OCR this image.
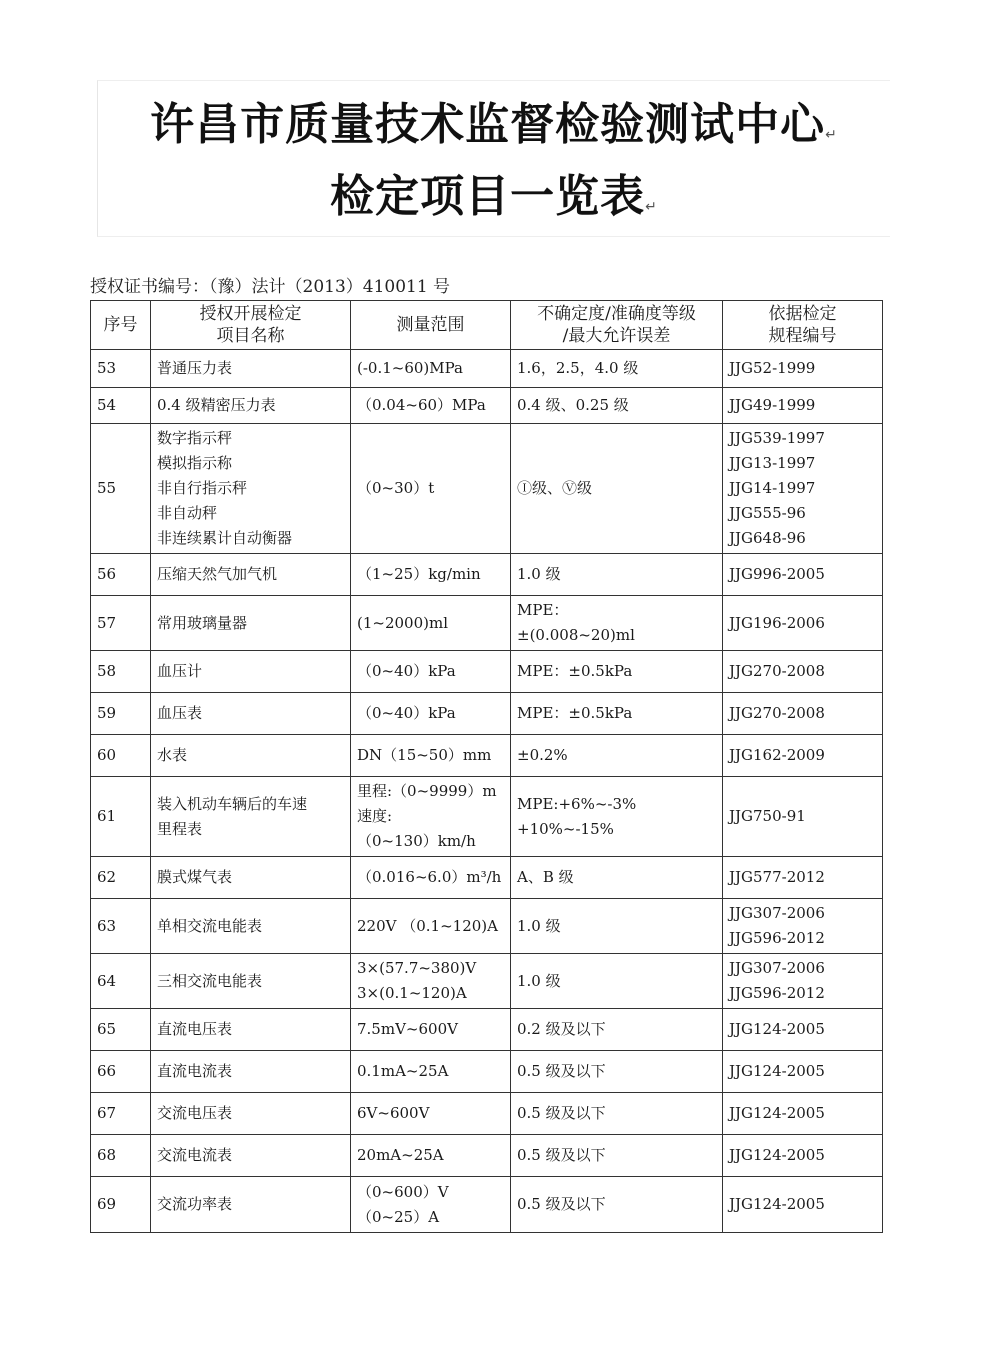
许昌市质量技术监督检验测试中心↵
检定项目一览表↵
授权证书编号：（豫）法计（2013）410011 号
序号	授权开展检定
项目名称	测量范围	不确定度/准确度等级
/最大允许误差	依据检定
规程编号

53	普通压力表	(-0.1~60)MPa	1.6，2.5，4.0 级	JJG52-1999

54	0.4 级精密压力表	（0.04~60）MPa	0.4 级、0.25 级	JJG49-1999

55	数字指示秤
模拟指示称
非自行指示秤
非自动秤
非连续累计自动衡器	（0~30）t	Ⓘ级、Ⓥ级	JJG539-1997
JJG13-1997
JJG14-1997
JJG555-96
JJG648-96

56	压缩天然气加气机	（1~25）kg/min	1.0 级	JJG996-2005

57	常用玻璃量器	(1~2000)ml	MPE：
±(0.008~20)ml	JJG196-2006

58	血压计	（0~40）kPa	MPE：±0.5kPa	JJG270-2008

59	血压表	（0~40）kPa	MPE：±0.5kPa	JJG270-2008

60	水表	DN（15~50）mm	±0.2%	JJG162-2009

61	装入机动车辆后的车速
里程表	里程:（0~9999）m
速度:
（0~130）km/h	MPE:+6%~-3%
+10%~-15%	JJG750-91

62	膜式煤气表	（0.016~6.0）m³/h	A、B 级	JJG577-2012

63	单相交流电能表	220V （0.1~120)A	1.0 级	JJG307-2006
JJG596-2012

64	三相交流电能表	3×(57.7~380)V
3×(0.1~120)A	1.0 级	JJG307-2006
JJG596-2012

65	直流电压表	7.5mV~600V	0.2 级及以下	JJG124-2005

66	直流电流表	0.1mA~25A	0.5 级及以下	JJG124-2005

67	交流电压表	6V~600V	0.5 级及以下	JJG124-2005

68	交流电流表	20mA~25A	0.5 级及以下	JJG124-2005

69	交流功率表	（0~600）V
（0~25）A	0.5 级及以下	JJG124-2005
